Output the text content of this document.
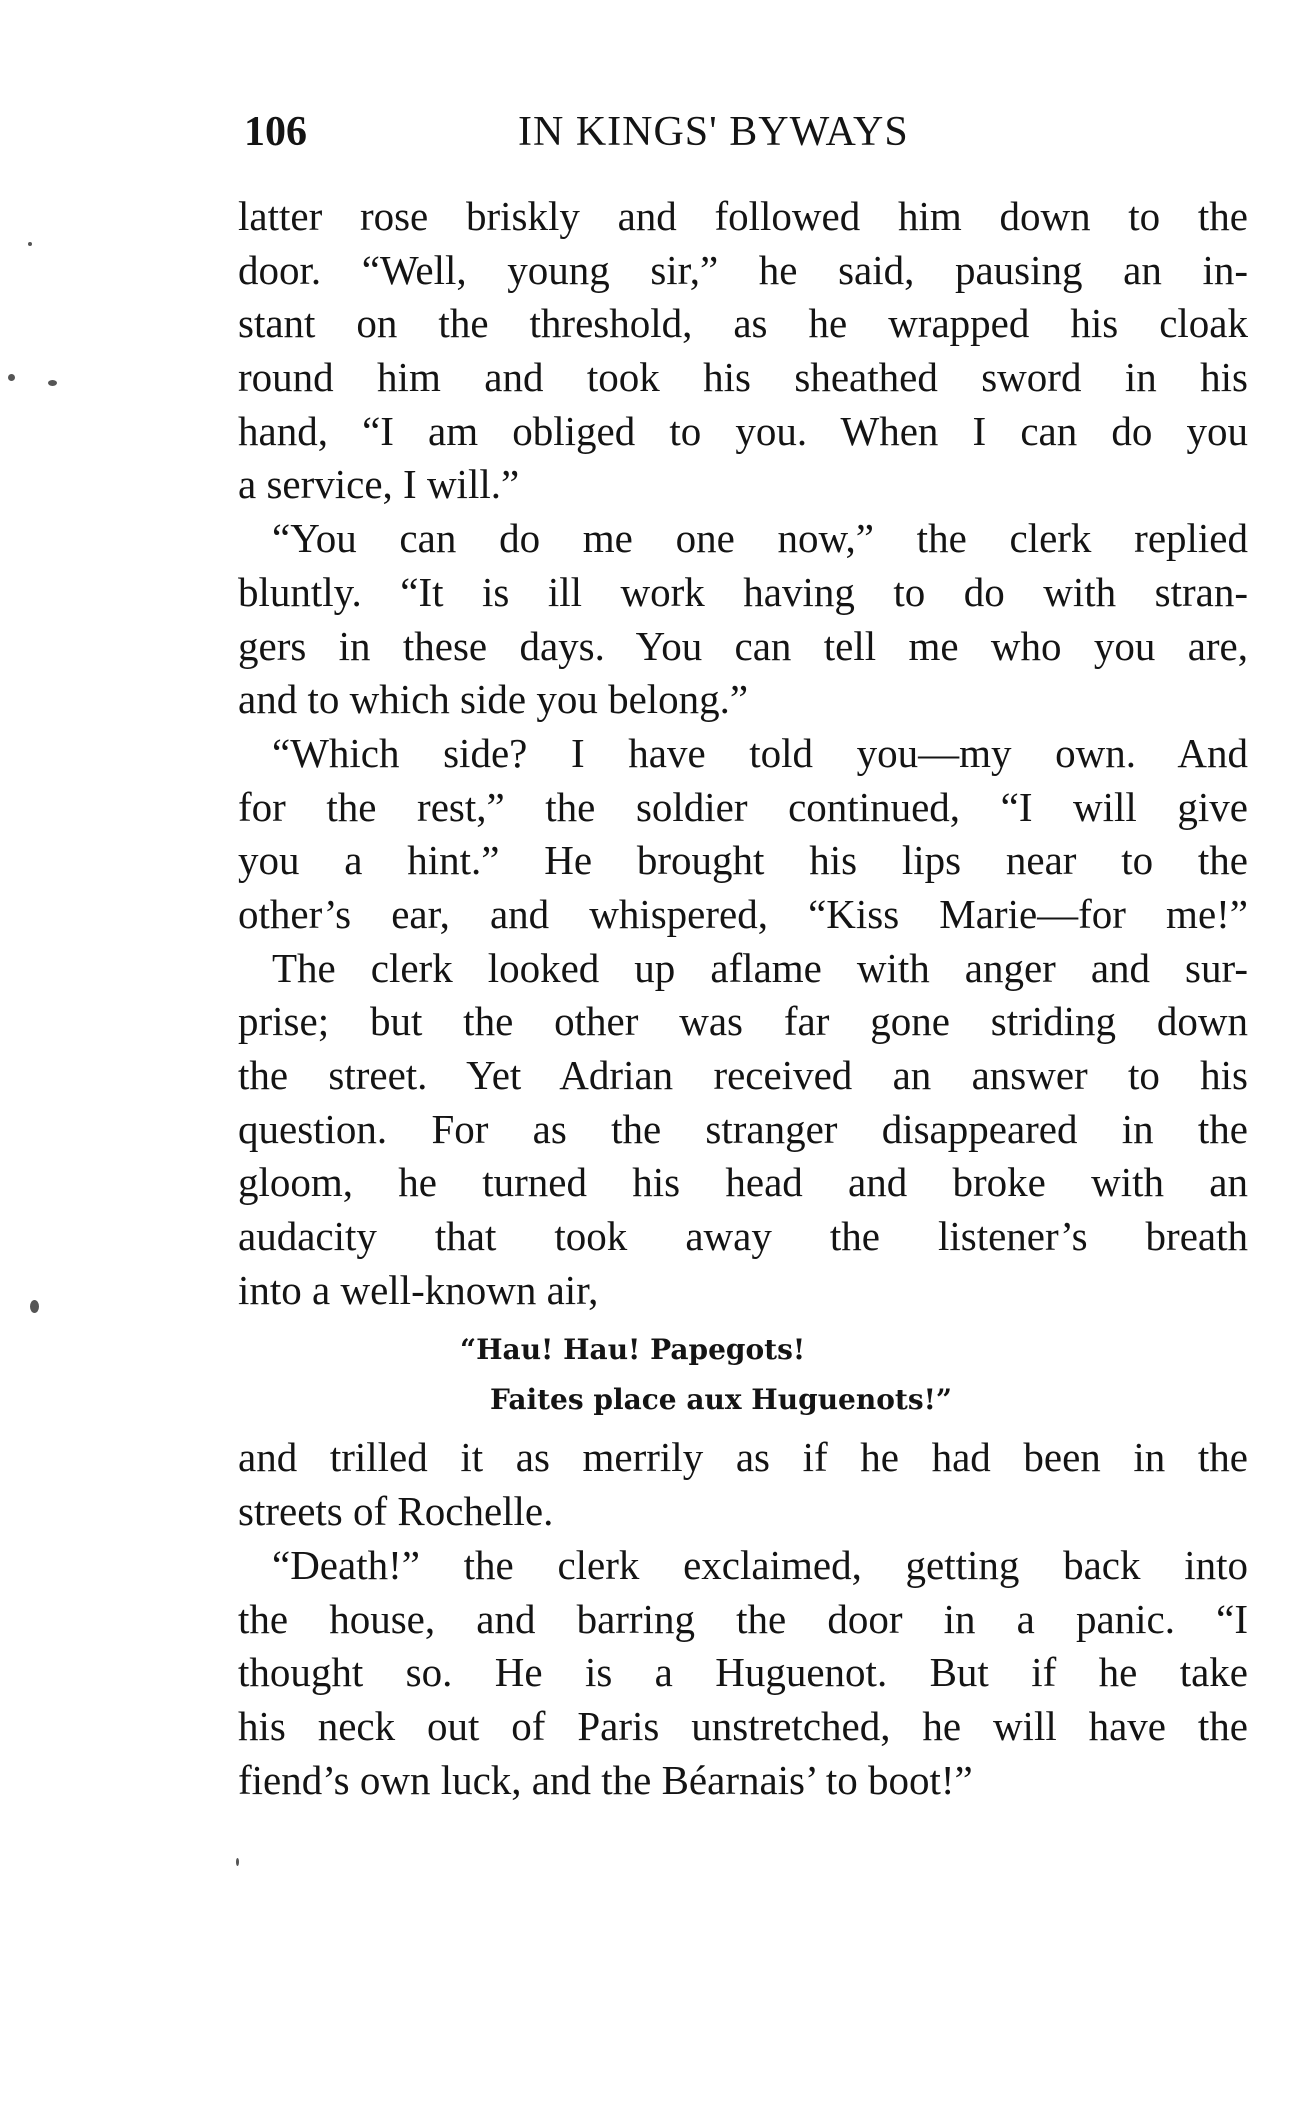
106	IN KINGS' BYWAYS
latter rose briskly and followed him down to the
door. “Well, young sir,” he said, pausing an in-
stant on the threshold, as he wrapped his cloak
round him and took his sheathed sword in his
hand, “I am obliged to you. When I can do you
a service, I will.”
“You can do me one now,” the clerk replied
bluntly. “It is ill work having to do with stran-
gers in these days. You can tell me who you are,
and to which side you belong.”
“Which side? I have told you—my own. And
for the rest,” the soldier continued, “I will give
you a hint.” He brought his lips near to the
other’s ear, and whispered, “Kiss Marie—for me!”
The clerk looked up aflame with anger and sur-
prise; but the other was far gone striding down
the street. Yet Adrian received an answer to his
question. For as the stranger disappeared in the
gloom, he turned his head and broke with an
audacity that took away the listener’s breath
into a well-known air,
“Hau! Hau! Papegots!
Faites place aux Huguenots!”
and trilled it as merrily as if he had been in the
streets of Rochelle.
“Death!” the clerk exclaimed, getting back into
the house, and barring the door in a panic. “I
thought so. He is a Huguenot. But if he take
his neck out of Paris unstretched, he will have the
fiend’s own luck, and the Béarnais’ to boot!”
